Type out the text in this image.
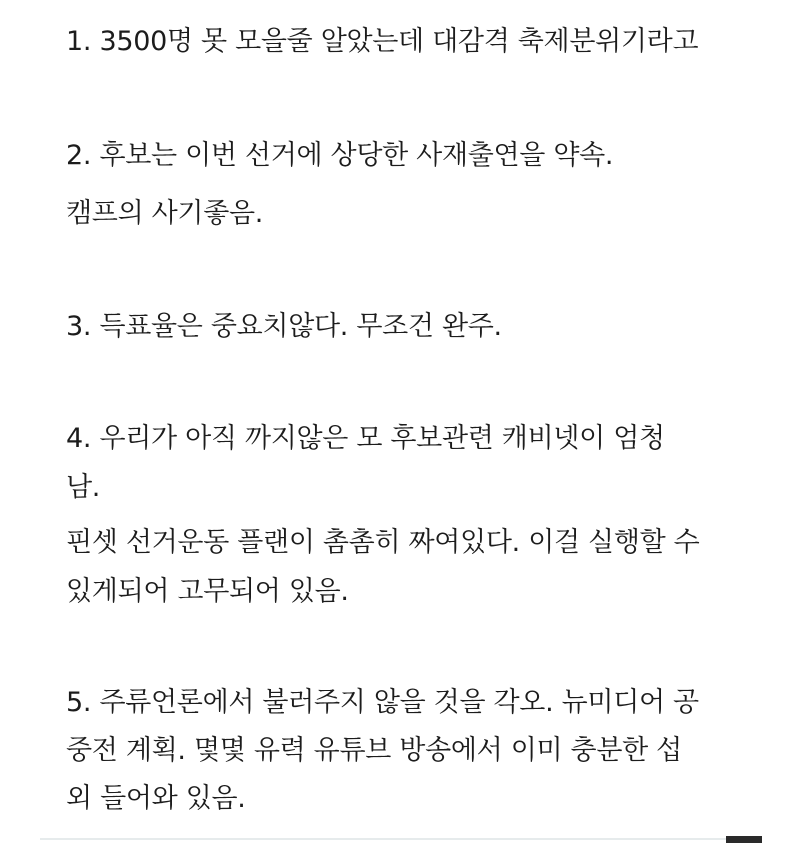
1. 3500명 못 모을줄 알았는데 대감격 축제분위기라고
2. 후보는 이번 선거에 상당한 사재출연을 약속.
캠프의 사기좋음.
3. 득표율은 중요치않다. 무조건 완주.
4. 우리가 아직 까지않은 모 후보관련 캐비넷이 엄청
남.
핀셋 선거운동 플랜이 촘촘히 짜여있다. 이걸 실행할 수
있게되어 고무되어 있음.
5. 주류언론에서 불러주지 않을 것을 각오. 뉴미디어 공
중전 계획. 몇몇 유력 유튜브 방송에서 이미 충분한 섭
외 들어와 있음.
